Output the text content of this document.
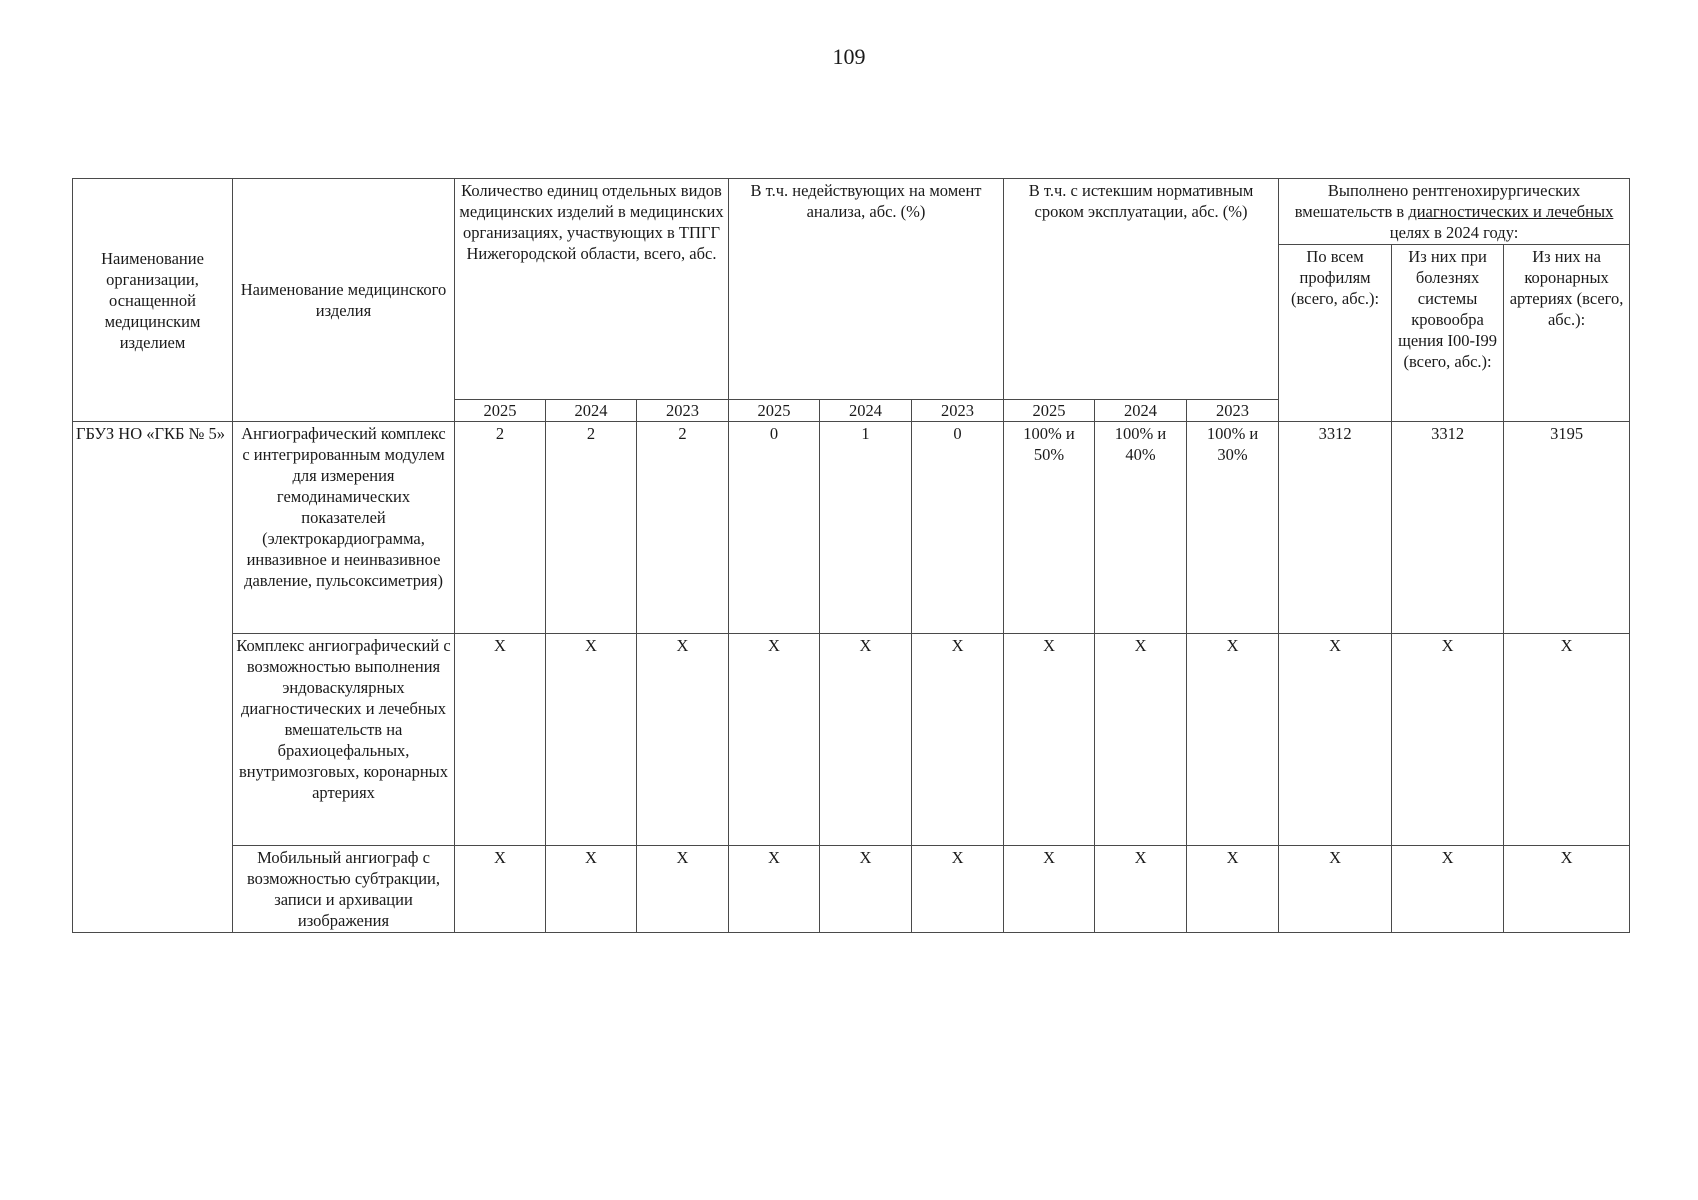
109
Наименование организации, оснащенной медицинским изделием	Наименование медицинского изделия	Количество единиц отдельных видов медицинских изделий в медицинских организациях, участвующих в ТПГГ Нижегородской области, всего, абс.			В т.ч. недействующих на момент анализа, абс. (%)			В т.ч. с истекшим нормативным сроком эксплуатации, абс. (%)			Выполнено рентгенохирургических вмешательств в диагностических и лечебных целях в 2024 году:		
											По всем профилям (всего, абс.):	Из них при болезнях системы кровообра щения I00-I99 (всего, абс.):	Из них на коронарных артериях (всего, абс.):
		2025	2024	2023	2025	2024	2023	2025	2024	2023			
ГБУЗ НО «ГКБ № 5»	Ангиографический комплекс с интегрированным модулем для измерения гемодинамических показателей (электрокардиограмма, инвазивное и неинвазивное давление, пульсоксиметрия)	2	2	2	0	1	0	100% и 50%	100% и 40%	100% и 30%	3312	3312	3195
	Комплекс ангиографический с возможностью выполнения эндоваскулярных диагностических и лечебных вмешательств на брахиоцефальных, внутримозговых, коронарных артериях	X	X	X	X	X	X	X	X	X	X	X	X
	Мобильный ангиограф с возможностью субтракции, записи и архивации изображения	X	X	X	X	X	X	X	X	X	X	X	X
